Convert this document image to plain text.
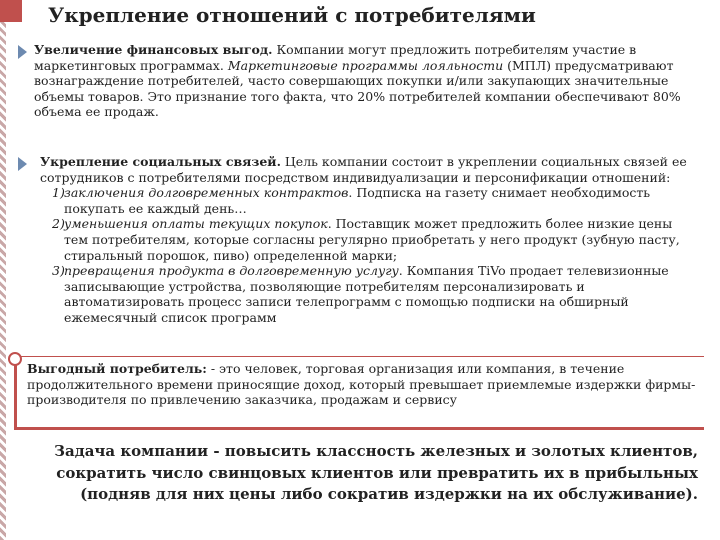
Укрепление отношений с потребителями
Увеличение финансовых выгод. Компании могут предложить потребителям участие в маркетинговых программах. Маркетинговые программы лояльности (МПЛ) предусматривают вознаграждение потребителей, часто совершающих покупки и/или закупающих значительные объемы товаров. Это признание того факта, что 20% потребителей компании обеспечивают 80% объема ее продаж.
Укрепление социальных связей. Цель компании состоит в укреплении социальных связей ее сотрудников с потребителями посредством индивидуализации и персонификации отношений:
1) заключения долговременных контрактов. Подписка на газету снимает необходимость покупать ее каждый день…
2) уменьшения оплаты текущих покупок. Поставщик может предложить более низкие цены тем потребителям, которые согласны регулярно приобретать у него продукт (зубную пасту, стиральный порошок, пиво) определенной марки;
3) превращения продукта в долговременную услугу. Компания TiVo продает телевизионные записывающие устройства, позволяющие потребителям персонализировать и автоматизировать процесс записи телепрограмм с помощью подписки на обширный ежемесячный список программ
Выгодный потребитель: - это человек, торговая организация или компания, в течение продолжительного времени приносящие доход, который превышает приемлемые издержки фирмы-производителя по привлечению заказчика, продажам и сервису
Задача компании - повысить классность железных и золотых клиентов, сократить число свинцовых клиентов или превратить их в прибыльных (подняв для них цены либо сократив издержки на их обслуживание).
